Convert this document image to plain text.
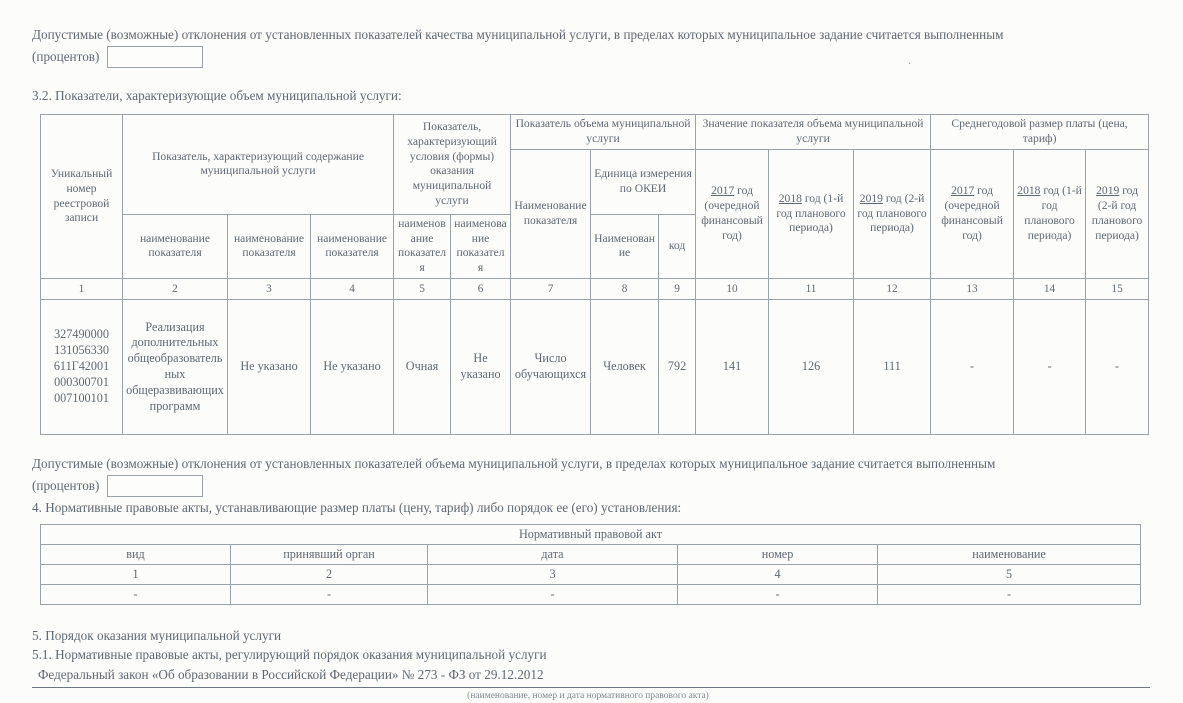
.

Допустимые (возможные) отклонения от установленных показателей качества муниципальной услуги, в пределах которых муниципальное задание считается выполненным

(процентов)

3.2. Показатели, характеризующие объем муниципальной услуги:

Уникальный номер реестровой записи	Показатель, характеризующий содержание муниципальной услуги			Показатель, характеризующий условия (формы) оказания муниципальной услуги		Показатель объема муниципальной услуги			Значение показателя объема муниципальной услуги			Среднегодовой размер платы (цена, тариф)		
						Наименование показателя	Единица измерения по ОКЕИ		2017 год (очередной финансовый год)	2018 год (1-й год планового периода)	2019 год (2-й год планового периода)	2017 год (очередной финансовый год)	2018 год (1-й год планового периода)	2019 год (2-й год планового периода)
	наименование показателя	наименование показателя	наименование показателя	наименование показателя	наименование показателя		Наименование	код						
1	2	3	4	5	6	7	8	9	10	11	12	13	14	15
327490000 131056330 611Г42001 000300701 007100101	Реализация дополнительных общеобразовательных общеразвивающих программ	Не указано	Не указано	Очная	Не указано	Число обучающихся	Человек	792	141	126	111	-	-	-

Допустимые (возможные) отклонения от установленных показателей объема муниципальной услуги, в пределах которых муниципальное задание считается выполненным

(процентов)

4. Нормативные правовые акты, устанавливающие размер платы (цену, тариф) либо порядок ее (его) установления:

Нормативный правовой акт				
вид	принявший орган	дата	номер	наименование
1	2	3	4	5
-	-	-	-	-
5. Порядок оказания муниципальной услуги
5.1. Нормативные правовые акты, регулирующий порядок оказания муниципальной услуги
Федеральный закон «Об образовании в Российской Федерации» № 273 - ФЗ от 29.12.2012
(наименование, номер и дата нормативного правового акта)
